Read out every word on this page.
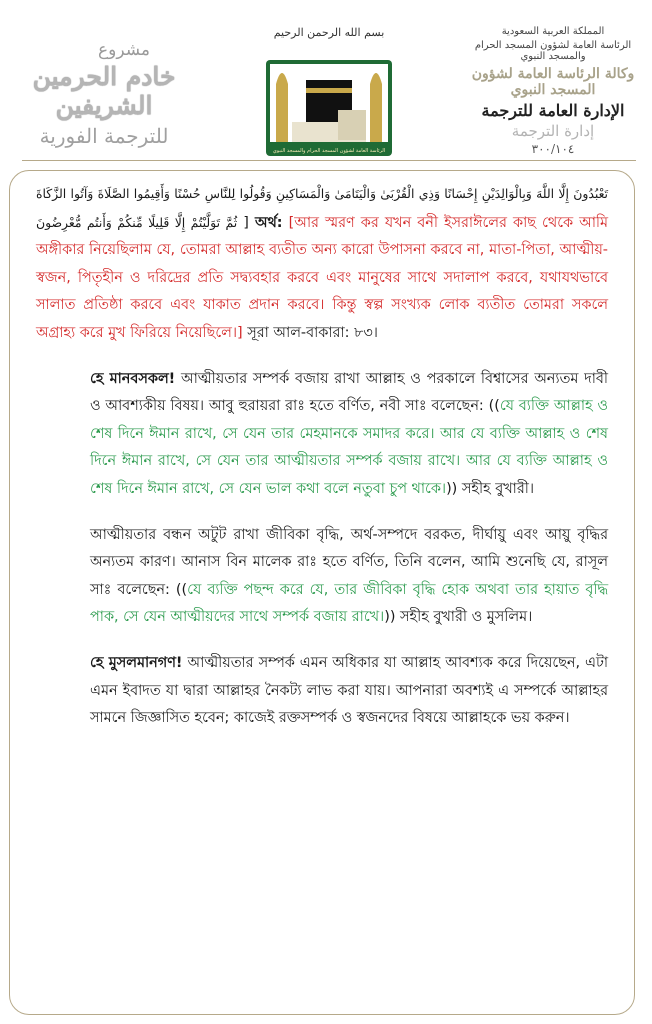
مشروع
خادم الحرمين الشريفين
للترجمة الفورية
بسم الله الرحمن الرحيم
الرئاسة العامة لشؤون المسجد الحرام والمسجد النبوي
المملكة العربية السعودية
الرئاسة العامة لشؤون المسجد الحرام والمسجد النبوي
وكالة الرئاسة العامة لشؤون المسجد النبوي
الإدارة العامة للترجمة
إدارة الترجمة
٣٠٠/١٠٤

تَعْبُدُونَ إِلَّا اللَّهَ وَبِالْوَالِدَيْنِ إِحْسَانًا وَذِي الْقُرْبَىٰ وَالْيَتَامَىٰ وَالْمَسَاكِينِ وَقُولُوا لِلنَّاسِ حُسْنًا وَأَقِيمُوا الصَّلَاةَ وَآتُوا الزَّكَاةَ ثُمَّ تَوَلَّيْتُمْ إِلَّا قَلِيلًا مِّنكُمْ وَأَنتُم مُّعْرِضُونَ ] অর্থ: [আর স্মরণ কর যখন বনী ইসরাঈলের কাছ থেকে আমি অঙ্গীকার নিয়েছিলাম যে, তোমরা আল্লাহ ব্যতীত অন্য কারো উপাসনা করবে না, মাতা-পিতা, আত্মীয়-স্বজন, পিতৃহীন ও দরিদ্রের প্রতি সদ্ব্যবহার করবে এবং মানুষের সাথে সদালাপ করবে, যথাযথভাবে সালাত প্রতিষ্ঠা করবে এবং যাকাত প্রদান করবে। কিন্তু স্বল্প সংখ্যক লোক ব্যতীত তোমরা সকলে অগ্রাহ্য করে মুখ ফিরিয়ে নিয়েছিলে।] সূরা আল-বাকারা: ৮৩।

হে মানবসকল! আত্মীয়তার সম্পর্ক বজায় রাখা আল্লাহ ও পরকালে বিশ্বাসের অন্যতম দাবী ও আবশ্যকীয় বিষয়। আবু হুরায়রা রাঃ হতে বর্ণিত, নবী সাঃ বলেছেন: ((যে ব্যক্তি আল্লাহ ও শেষ দিনে ঈমান রাখে, সে যেন তার মেহমানকে সমাদর করে। আর যে ব্যক্তি আল্লাহ ও শেষ দিনে ঈমান রাখে, সে যেন তার আত্মীয়তার সম্পর্ক বজায় রাখে। আর যে ব্যক্তি আল্লাহ ও শেষ দিনে ঈমান রাখে, সে যেন ভাল কথা বলে নতুবা চুপ থাকে।)) সহীহ বুখারী।

আত্মীয়তার বন্ধন অটুট রাখা জীবিকা বৃদ্ধি, অর্থ-সম্পদে বরকত, দীর্ঘায়ু এবং আয়ু বৃদ্ধির অন্যতম কারণ। আনাস বিন মালেক রাঃ হতে বর্ণিত, তিনি বলেন, আমি শুনেছি যে, রাসূল সাঃ বলেছেন: ((যে ব্যক্তি পছন্দ করে যে, তার জীবিকা বৃদ্ধি হোক অথবা তার হায়াত বৃদ্ধি পাক, সে যেন আত্মীয়দের সাথে সম্পর্ক বজায় রাখে।)) সহীহ বুখারী ও মুসলিম।

হে মুসলমানগণ! আত্মীয়তার সম্পর্ক এমন অধিকার যা আল্লাহ আবশ্যক করে দিয়েছেন, এটা এমন ইবাদত যা দ্বারা আল্লাহর নৈকট্য লাভ করা যায়। আপনারা অবশ্যই এ সম্পর্কে আল্লাহর সামনে জিজ্ঞাসিত হবেন; কাজেই রক্তসম্পর্ক ও স্বজনদের বিষয়ে আল্লাহকে ভয় করুন।
